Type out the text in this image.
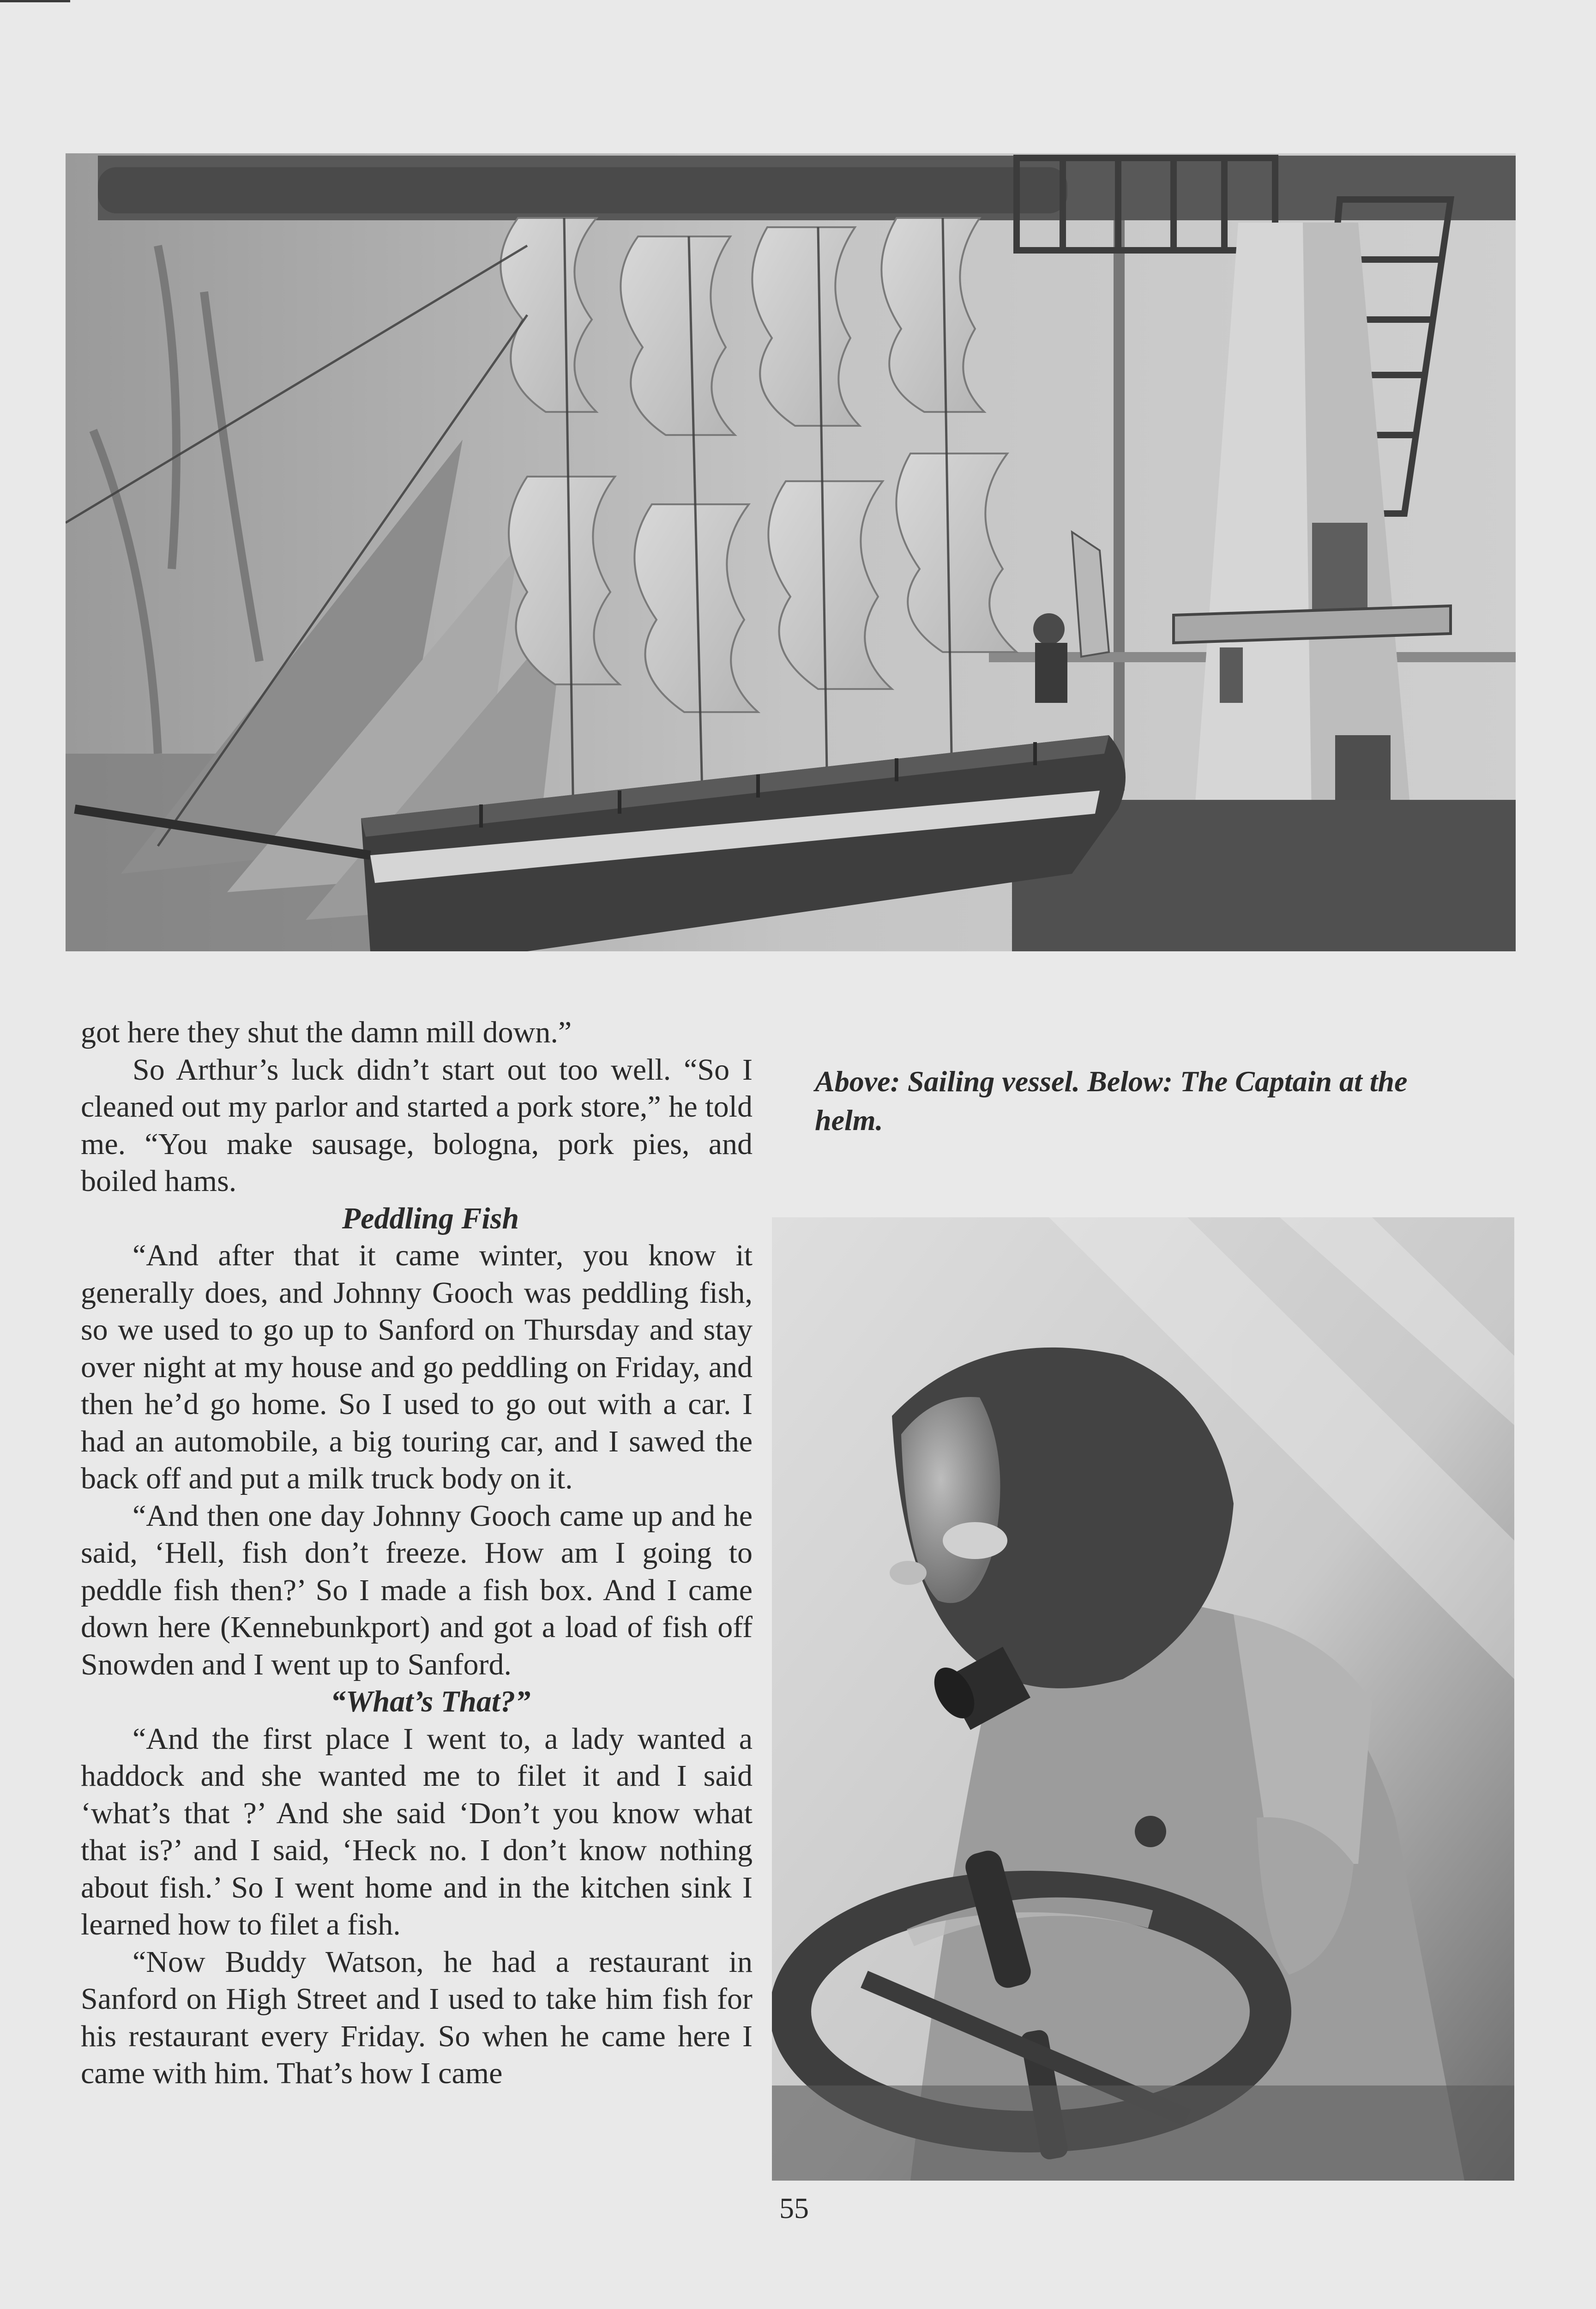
got here they shut the damn mill down.”

So Arthur’s luck didn’t start out too well. “So I cleaned out my parlor and started a pork store,” he told me. “You make sausage, bologna, pork pies, and boiled hams.

Peddling Fish

“And after that it came winter, you know it generally does, and Johnny Gooch was peddling fish, so we used to go up to Sanford on Thursday and stay over night at my house and go peddling on Friday, and then he’d go home. So I used to go out with a car. I had an automobile, a big touring car, and I sawed the back off and put a milk truck body on it.

“And then one day Johnny Gooch came up and he said, ‘Hell, fish don’t freeze. How am I going to peddle fish then?’ So I made a fish box. And I came down here (Kennebunkport) and got a load of fish off Snowden and I went up to Sanford.

“What’s That?”

“And the first place I went to, a lady wanted a haddock and she wanted me to filet it and I said ‘what’s that ?’ And she said ‘Don’t you know what that is?’ and I said, ‘Heck no. I don’t know nothing about fish.’ So I went home and in the kitchen sink I learned how to filet a fish.

“Now Buddy Watson, he had a restaurant in Sanford on High Street and I used to take him fish for his restaurant every Friday. So when he came here I came with him. That’s how I came

Above: Sailing vessel. Below: The Captain at the helm.
55
